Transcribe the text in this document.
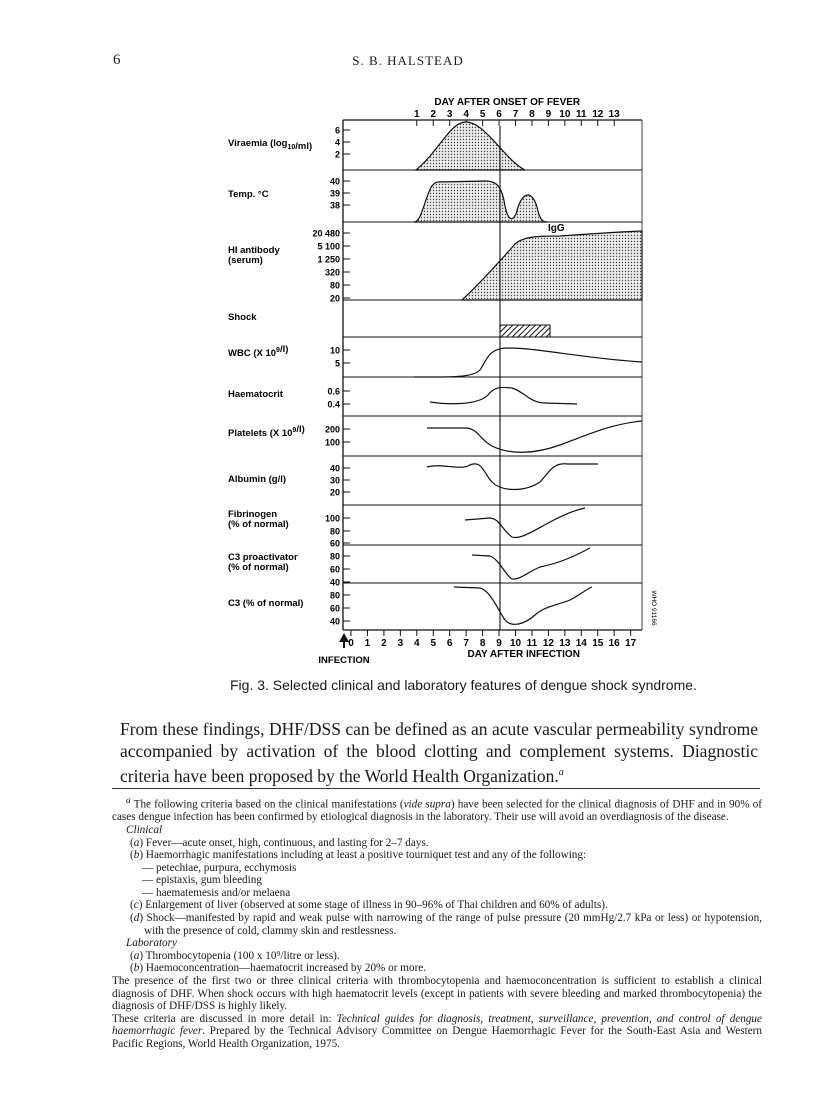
6	S. B. HALSTEAD
DAY AFTER ONSET OF FEVER
1 2 3 4 5 6 7 8 9 10 11 12 13
Viraemia $(\log_{10}/ml)$
6
4
2
Temp. °C
40
39
38
HI antibody
(serum)
20 480
5 100
1 250
320
80
20
IgG
Shock
WBC (X $10^9/l$)	10
5
Haematocrit	0.6
0.4
Platelets (X $10^9/l$) 200
100
Albumin (g/l)
40
30
20
Fibrinogen
(% of normal)
100
80
60
C3 proactivator
(% of normal)
80
60
40
C3 (% of normal)
80
60
40
0 1 2 3 4 5 6 7 8 9 10 11 12 13 14 15 16 17
DAY AFTER INFECTION
INFECTION
WHO 91166
Fig. 3. Selected clinical and laboratory features of dengue shock syndrome.
From these findings, DHF/DSS can be defined as an acute vascular permeability syndrome accompanied by activation of the blood clotting and complement systems. Diagnostic criteria have been proposed by the World Health Organization.$^a$

$^a$ The following criteria based on the clinical manifestations (vide supra) have been selected for the clinical diagnosis of DHF and in 90% of cases dengue infection has been confirmed by etiological diagnosis in the laboratory. Their use will avoid an overdiagnosis of the disease.

Clinical

(a) Fever—acute onset, high, continuous, and lasting for 2–7 days.

(b) Haemorrhagic manifestations including at least a positive tourniquet test and any of the following:

— petechiae, purpura, ecchymosis

— epistaxis, gum bleeding

— haematemesis and/or melaena

(c) Enlargement of liver (observed at some stage of illness in 90–96% of Thai children and 60% of adults).

(d) Shock—manifested by rapid and weak pulse with narrowing of the range of pulse pressure (20 mmHg/2.7 kPa or less) or hypotension, with the presence of cold, clammy skin and restlessness.

Laboratory

(a) Thrombocytopenia (100 x 10⁹/litre or less).

(b) Haemoconcentration—haematocrit increased by 20% or more.

The presence of the first two or three clinical criteria with thrombocytopenia and haemoconcentration is sufficient to establish a clinical diagnosis of DHF. When shock occurs with high haematocrit levels (except in patients with severe bleeding and marked thrombocytopenia) the diagnosis of DHF/DSS is highly likely.

These criteria are discussed in more detail in: Technical guides for diagnosis, treatment, surveillance, prevention, and control of dengue haemorrhagic fever. Prepared by the Technical Advisory Committee on Dengue Haemorrhagic Fever for the South-East Asia and Western Pacific Regions, World Health Organization, 1975.
